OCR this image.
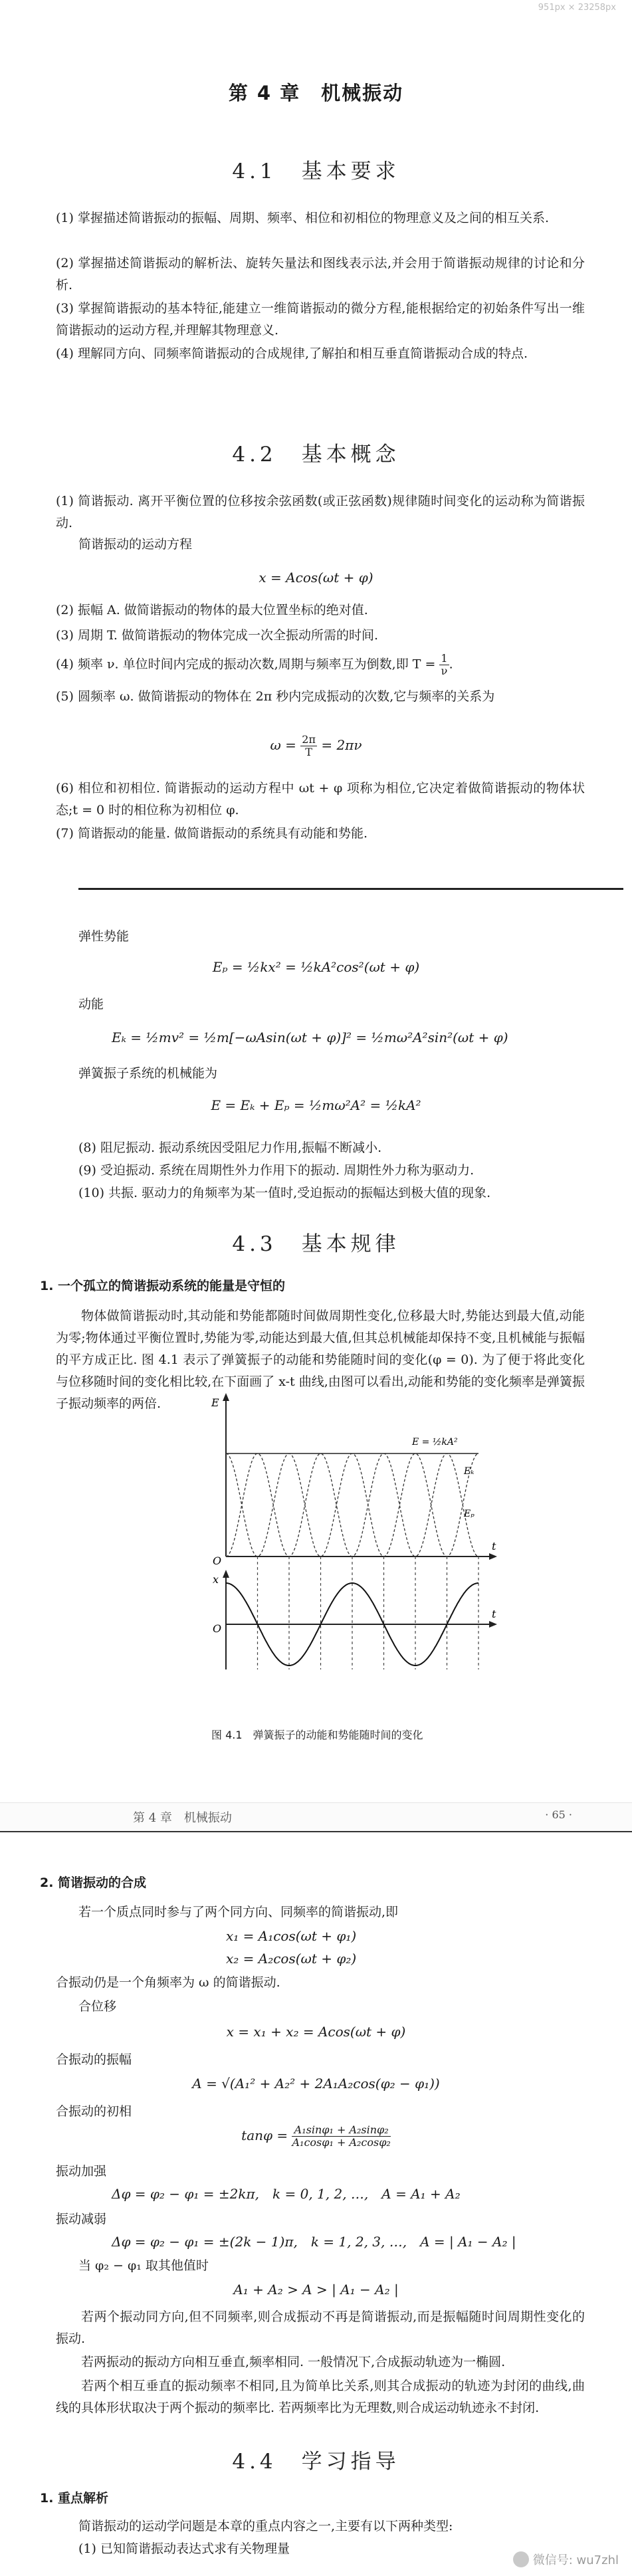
951px × 23258px
第 4 章　机械振动
4.1　基本要求

(1) 掌握描述简谐振动的振幅、周期、频率、相位和初相位的物理意义及之间的相互关系.

(2) 掌握描述简谐振动的解析法、旋转矢量法和图线表示法,并会用于简谐振动规律的讨论和分析.

(3) 掌握简谐振动的基本特征,能建立一维简谐振动的微分方程,能根据给定的初始条件写出一维简谐振动的运动方程,并理解其物理意义.

(4) 理解同方向、同频率简谐振动的合成规律,了解拍和相互垂直简谐振动合成的特点.

4.2　基本概念

(1) 简谐振动. 离开平衡位置的位移按余弦函数(或正弦函数)规律随时间变化的运动称为简谐振动.

简谐振动的运动方程

x = Acos(ωt + φ)

(2) 振幅 A. 做简谐振动的物体的最大位置坐标的绝对值.

(3) 周期 T. 做简谐振动的物体完成一次全振动所需的时间.

(4) 频率 ν. 单位时间内完成的振动次数,周期与频率互为倒数,即 $T = \frac{1}{\nu}$ .

(5) 圆频率 ω. 做简谐振动的物体在 2π 秒内完成振动的次数,它与频率的关系为

$\omega = \frac{2\pi}{T} = 2\pi\nu$

(6) 相位和初相位. 简谐振动的运动方程中 ωt + φ 项称为相位,它决定着做简谐振动的物体状态;t = 0 时的相位称为初相位 φ.

(7) 简谐振动的能量. 做简谐振动的系统具有动能和势能.

弹性势能

Eₚ = ½kx² = ½kA²cos²(ωt + φ)

动能

Eₖ = ½mv² = ½m[−ωAsin(ωt + φ)]² = ½mω²A²sin²(ωt + φ)

弹簧振子系统的机械能为

E = Eₖ + Eₚ = ½mω²A² = ½kA²

(8) 阻尼振动. 振动系统因受阻尼力作用,振幅不断减小.

(9) 受迫振动. 系统在周期性外力作用下的振动. 周期性外力称为驱动力.

(10) 共振. 驱动力的角频率为某一值时,受迫振动的振幅达到极大值的现象.

4.3　基本规律

1. 一个孤立的简谐振动系统的能量是守恒的

物体做简谐振动时,其动能和势能都随时间做周期性变化,位移最大时,势能达到最大值,动能为零;物体通过平衡位置时,势能为零,动能达到最大值,但其总机械能却保持不变,且机械能与振幅的平方成正比. 图 4.1 表示了弹簧振子的动能和势能随时间的变化(φ = 0). 为了便于将此变化与位移随时间的变化相比较,在下面画了 x-t 曲线,由图可以看出,动能和势能的变化频率是弹簧振子振动频率的两倍.	E
O
t
E = ½kA²
Eₖ
Eₚ
x
O
t
图 4.1　弹簧振子的动能和势能随时间的变化
第 4 章　机械振动	· 65 ·

2. 简谐振动的合成

若一个质点同时参与了两个同方向、同频率的简谐振动,即

x₁ = A₁cos(ωt + φ₁)

x₂ = A₂cos(ωt + φ₂)

合振动仍是一个角频率为 ω 的简谐振动.

合位移

x = x₁ + x₂ = Acos(ωt + φ)

合振动的振幅

A = √(A₁² + A₂² + 2A₁A₂cos(φ₂ − φ₁))

合振动的初相

$\tan\varphi = \frac{\text{A₁sinφ₁ + A₂sinφ₂}}{\text{A₁cosφ₁ + A₂cosφ₂}}$

振动加强

Δφ = φ₂ − φ₁ = ±2kπ,　k = 0, 1, 2, …,　A = A₁ + A₂

振动减弱

Δφ = φ₂ − φ₁ = ±(2k − 1)π,　k = 1, 2, 3, …,　A = | A₁ − A₂ |

当 φ₂ − φ₁ 取其他值时

A₁ + A₂ > A > | A₁ − A₂ |

若两个振动同方向,但不同频率,则合成振动不再是简谐振动,而是振幅随时间周期性变化的振动.

若两振动的振动方向相互垂直,频率相同. 一般情况下,合成振动轨迹为一椭圆.

若两个相互垂直的振动频率不相同,且为简单比关系,则其合成振动的轨迹为封闭的曲线,曲线的具体形状取决于两个振动的频率比. 若两频率比为无理数,则合成运动轨迹永不封闭.

4.4　学习指导

1. 重点解析

简谐振动的运动学问题是本章的重点内容之一,主要有以下两种类型:

(1) 已知简谐振动表达式求有关物理量

微信号: wu7zhl
